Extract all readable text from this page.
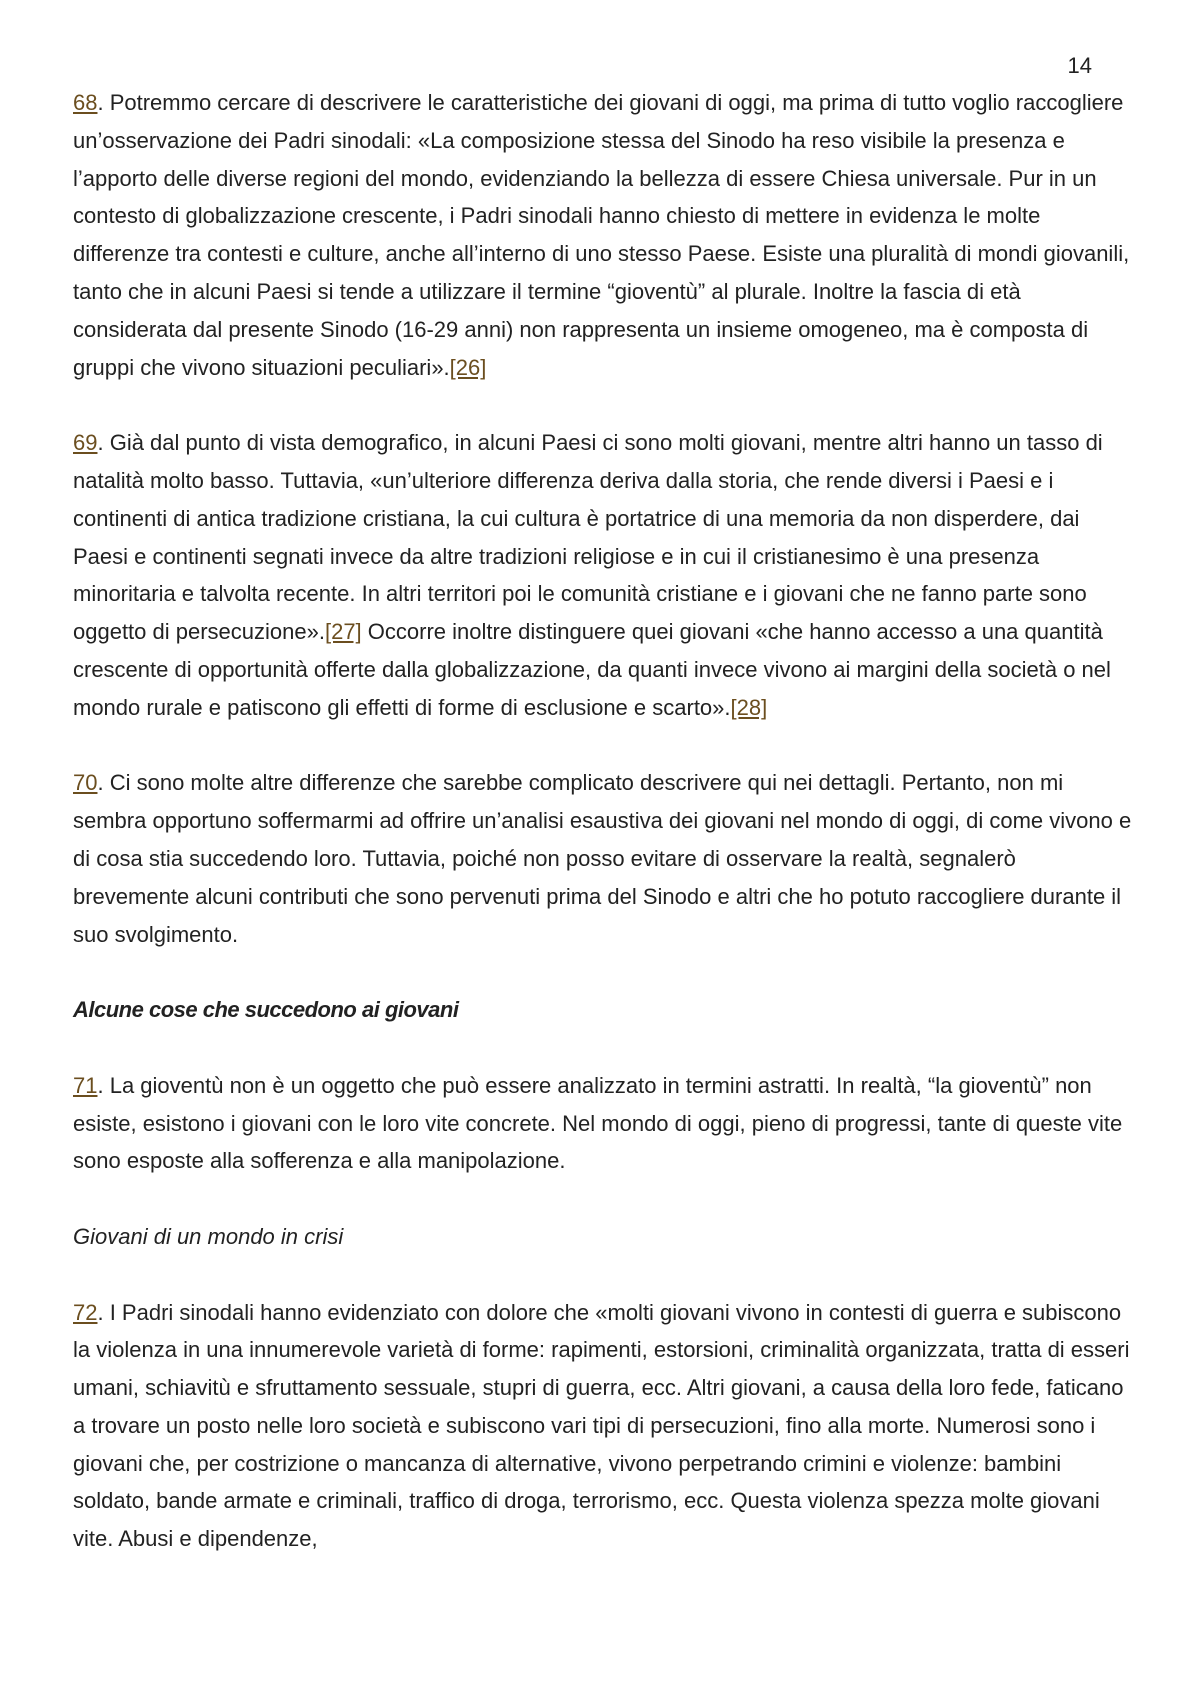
14

68. Potremmo cercare di descrivere le caratteristiche dei giovani di oggi, ma prima di tutto voglio raccogliere un’osservazione dei Padri sinodali: «La composizione stessa del Sinodo ha reso visibile la presenza e l’apporto delle diverse regioni del mondo, evidenziando la bellezza di essere Chiesa universale. Pur in un contesto di globalizzazione crescente, i Padri sinodali hanno chiesto di mettere in evidenza le molte differenze tra contesti e culture, anche all’interno di uno stesso Paese. Esiste una pluralità di mondi giovanili, tanto che in alcuni Paesi si tende a utilizzare il termine “gioventù” al plurale. Inoltre la fascia di età considerata dal presente Sinodo (16-29 anni) non rappresenta un insieme omogeneo, ma è composta di gruppi che vivono situazioni peculiari».[26]

69. Già dal punto di vista demografico, in alcuni Paesi ci sono molti giovani, mentre altri hanno un tasso di natalità molto basso. Tuttavia, «un’ulteriore differenza deriva dalla storia, che rende diversi i Paesi e i continenti di antica tradizione cristiana, la cui cultura è portatrice di una memoria da non disperdere, dai Paesi e continenti segnati invece da altre tradizioni religiose e in cui il cristianesimo è una presenza minoritaria e talvolta recente. In altri territori poi le comunità cristiane e i giovani che ne fanno parte sono oggetto di persecuzione».[27] Occorre inoltre distinguere quei giovani «che hanno accesso a una quantità crescente di opportunità offerte dalla globalizzazione, da quanti invece vivono ai margini della società o nel mondo rurale e patiscono gli effetti di forme di esclusione e scarto».[28]

70. Ci sono molte altre differenze che sarebbe complicato descrivere qui nei dettagli. Pertanto, non mi sembra opportuno soffermarmi ad offrire un’analisi esaustiva dei giovani nel mondo di oggi, di come vivono e di cosa stia succedendo loro. Tuttavia, poiché non posso evitare di osservare la realtà, segnalerò brevemente alcuni contributi che sono pervenuti prima del Sinodo e altri che ho potuto raccogliere durante il suo svolgimento.

Alcune cose che succedono ai giovani

71. La gioventù non è un oggetto che può essere analizzato in termini astratti. In realtà, “la gioventù” non esiste, esistono i giovani con le loro vite concrete. Nel mondo di oggi, pieno di progressi, tante di queste vite sono esposte alla sofferenza e alla manipolazione.

Giovani di un mondo in crisi

72. I Padri sinodali hanno evidenziato con dolore che «molti giovani vivono in contesti di guerra e subiscono la violenza in una innumerevole varietà di forme: rapimenti, estorsioni, criminalità organizzata, tratta di esseri umani, schiavitù e sfruttamento sessuale, stupri di guerra, ecc. Altri giovani, a causa della loro fede, faticano a trovare un posto nelle loro società e subiscono vari tipi di persecuzioni, fino alla morte. Numerosi sono i giovani che, per costrizione o mancanza di alternative, vivono perpetrando crimini e violenze: bambini soldato, bande armate e criminali, traffico di droga, terrorismo, ecc. Questa violenza spezza molte giovani vite. Abusi e dipendenze,
